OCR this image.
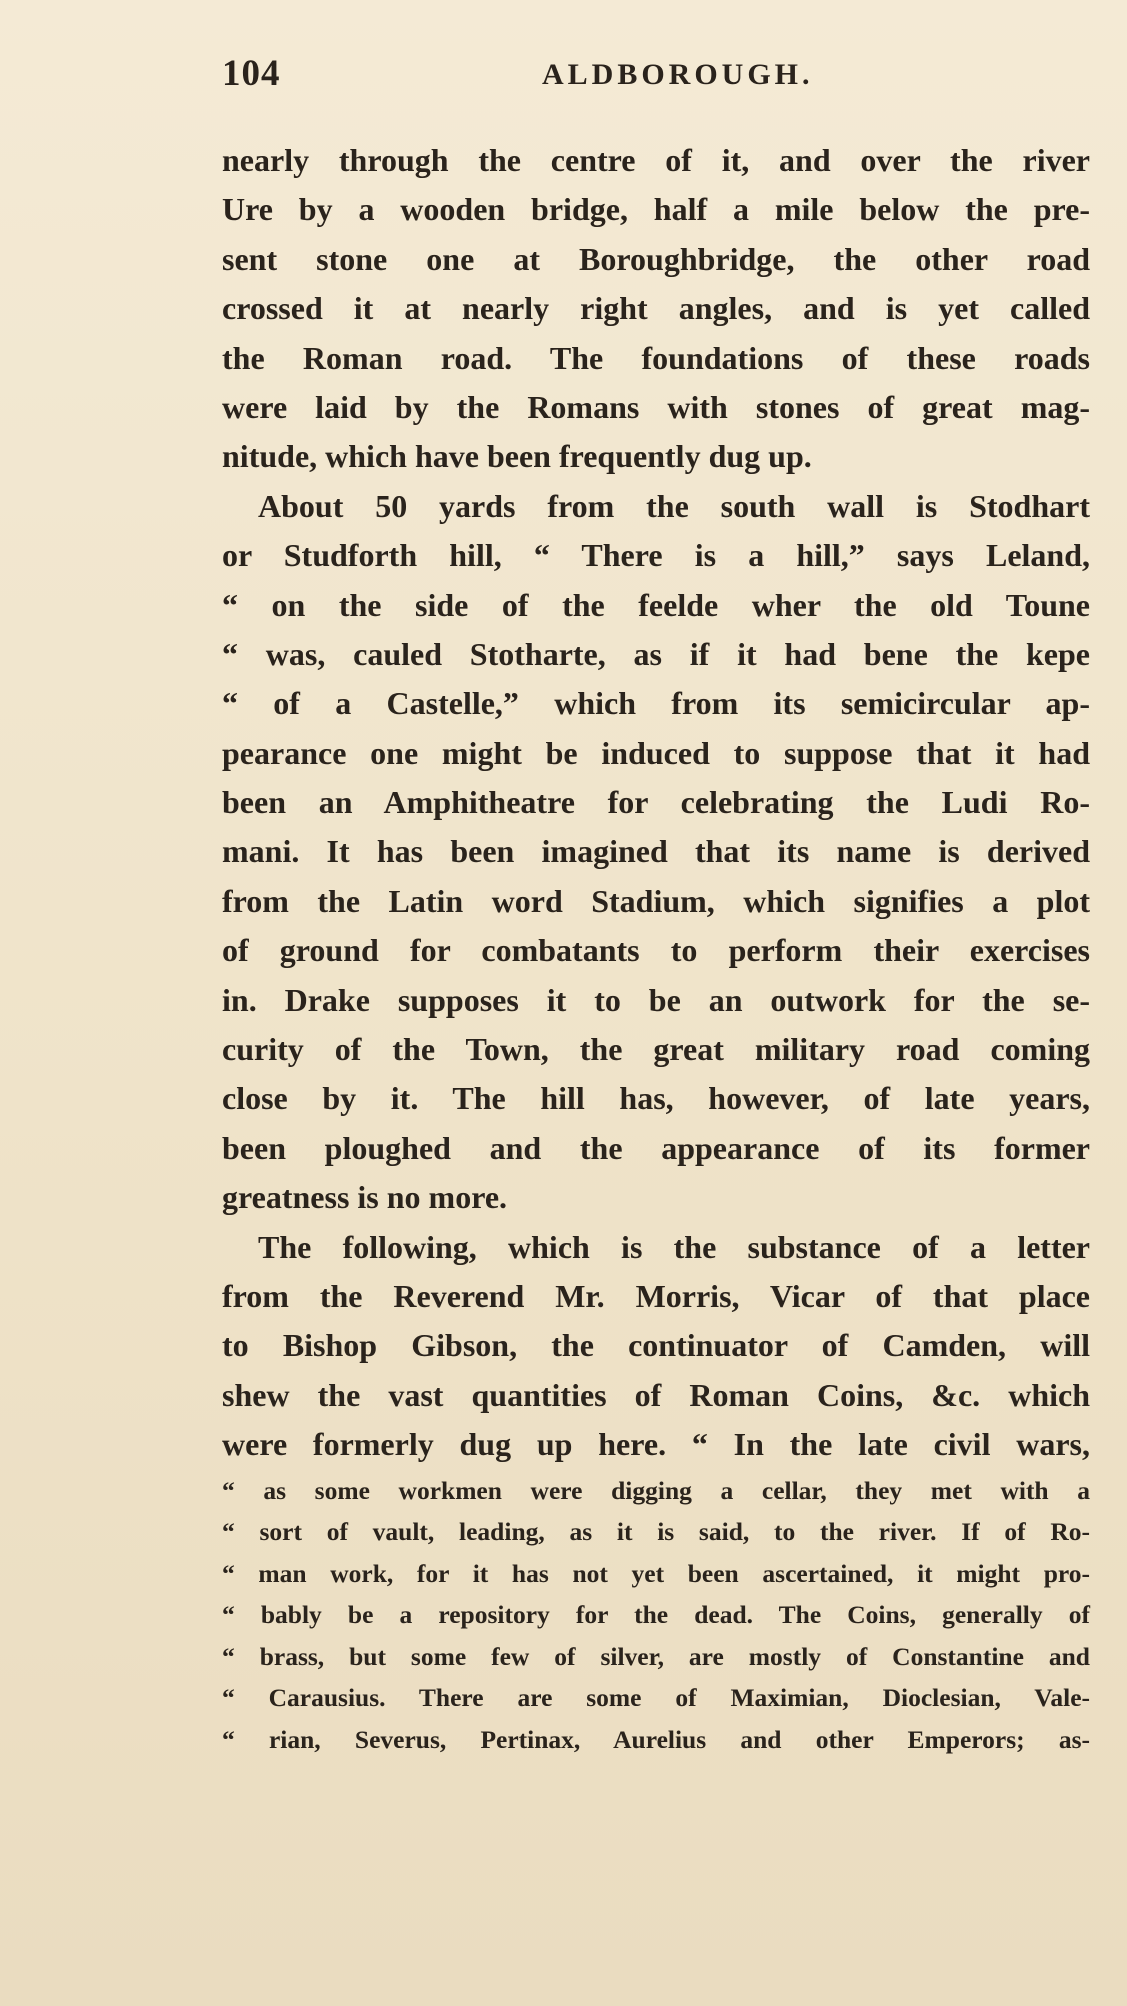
104	ALDBOROUGH.
nearly through the centre of it, and over the river
Ure by a wooden bridge, half a mile below the pre-
sent stone one at Boroughbridge, the other road
crossed it at nearly right angles, and is yet called
the Roman road. The foundations of these roads
were laid by the Romans with stones of great mag-
nitude, which have been frequently dug up.
About 50 yards from the south wall is Stodhart
or Studforth hill, “ There is a hill,” says Leland,
“ on the side of the feelde wher the old Toune
“ was, cauled Stotharte, as if it had bene the kepe
“ of a Castelle,” which from its semicircular ap-
pearance one might be induced to suppose that it had
been an Amphitheatre for celebrating the Ludi Ro-
mani. It has been imagined that its name is derived
from the Latin word Stadium, which signifies a plot
of ground for combatants to perform their exercises
in. Drake supposes it to be an outwork for the se-
curity of the Town, the great military road coming
close by it. The hill has, however, of late years,
been ploughed and the appearance of its former
greatness is no more.
The following, which is the substance of a letter
from the Reverend Mr. Morris, Vicar of that place
to Bishop Gibson, the continuator of Camden, will
shew the vast quantities of Roman Coins, &c. which
were formerly dug up here. “ In the late civil wars,
“ as some workmen were digging a cellar, they met with a
“ sort of vault, leading, as it is said, to the river. If of Ro-
“ man work, for it has not yet been ascertained, it might pro-
“ bably be a repository for the dead. The Coins, generally of
“ brass, but some few of silver, are mostly of Constantine and
“ Carausius. There are some of Maximian, Dioclesian, Vale-
“ rian, Severus, Pertinax, Aurelius and other Emperors; as-
